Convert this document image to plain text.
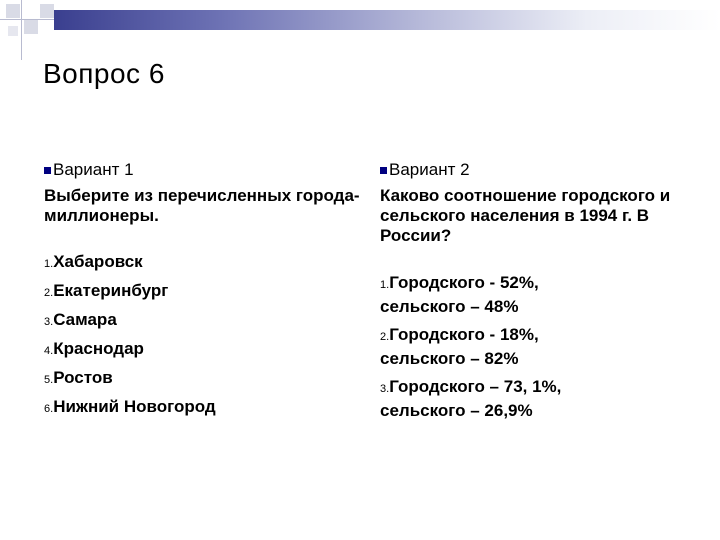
Вопрос 6
Вариант 1
Выберите из перечисленных города-миллионеры.
1.Хабаровск
2.Екатеринбург
3.Самара
4.Краснодар
5.Ростов
6.Нижний Новогород
Вариант 2
Каково соотношение городского и сельского населения в 1994 г. В России?
1.Городского - 52%,
сельского – 48%
2.Городского - 18%,
сельского – 82%
3.Городского – 73, 1%,
сельского – 26,9%
